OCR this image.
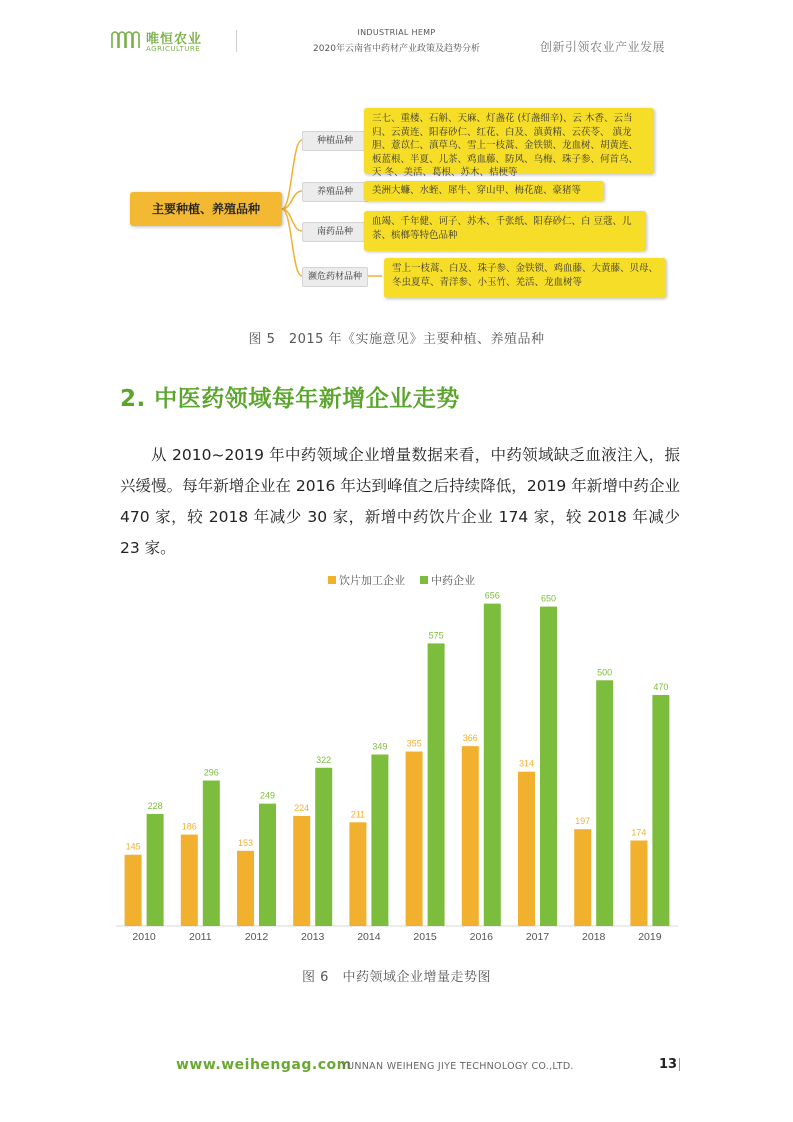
唯恒农业
AGRICULTURE
INDUSTRIAL HEMP
2020年云南省中药材产业政策及趋势分析	创新引领农业产业发展
主要种植、养殖品种
种植品种
三七、重楼、石斛、天麻、灯盏花 (灯盏细辛)、云 木香、云当归、云黄连、阳春砂仁、红花、白及、滇黄精、云茯苓、 滇龙胆、薏苡仁、滇草乌、雪上一枝蒿、金铁锁、龙血树、胡黄连、 板蓝根、半夏、儿茶、鸡血藤、防风、乌梅、珠子参、何首乌、天 冬、美活、葛根、苏木、桔梗等
养殖品种	美洲大蠊、水蛭、犀牛、穿山甲、梅花鹿、豪猪等
南药品种
血竭、千年健、诃子、苏木、千张纸、阳春砂仁、白 豆蔻、儿茶、槟榔等特色品种
濒危药材品种
雪上一枝蒿、白及、珠子参、金铁锁、鸡血藤、大黄藤、贝母、 冬虫夏草、青洋参、小玉竹、羌活、龙血树等
图 5　2015 年《实施意见》主要种植、养殖品种
2. 中医药领域每年新增企业走势
从 2010~2019 年中药领域企业增量数据来看，中药领域缺乏血液注入，振兴缓慢。每年新增企业在 2016 年达到峰值之后持续降低，2019 年新增中药企业 470 家，较 2018 年减少 30 家，新增中药饮片企业 174 家，较 2018 年减少 23 家。
饮片加工企业 中药企业
145
228
2010
186
296
2011
153
249
2012
224
322
2013
211
349
2014
355
575
2015
366
656
2016
314
650
2017
197
500
2018
174
470
2019
图 6　中药领域企业增量走势图
www.weihengag.com
YUNNAN WEIHENG JIYE TECHNOLOGY CO.,LTD.	13
